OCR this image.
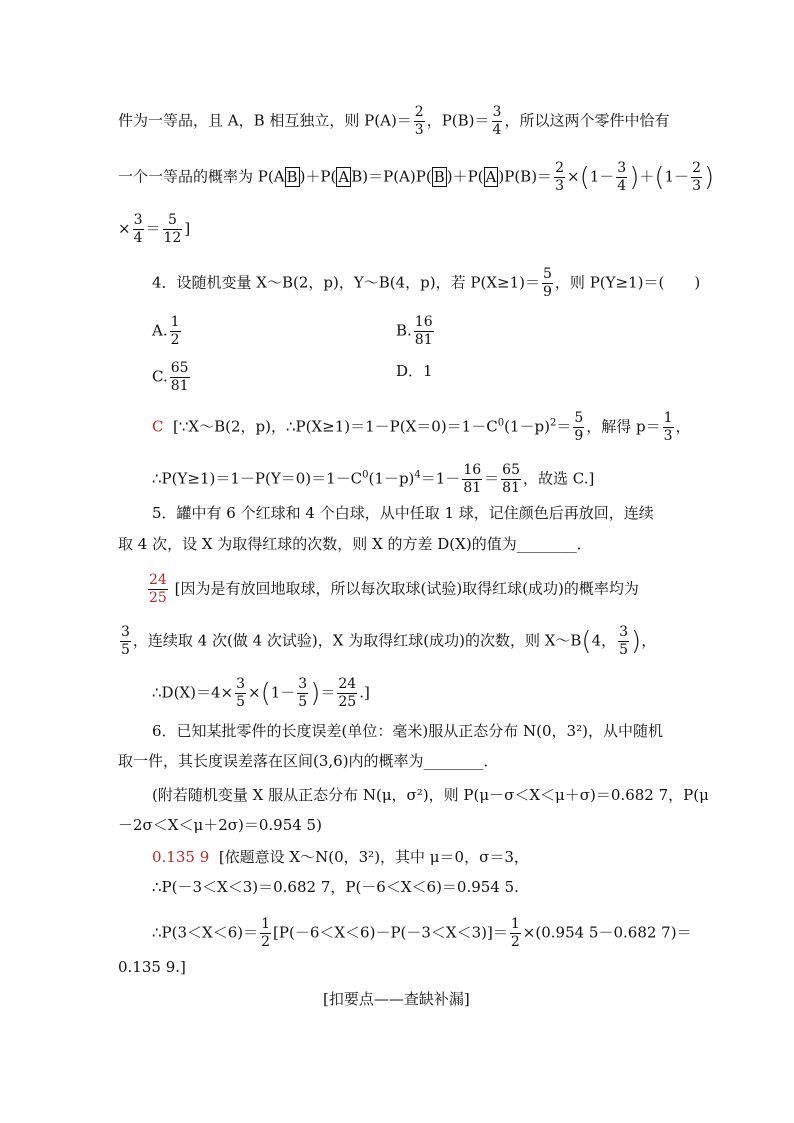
件为一等品，且 A，B 相互独立，则 $P(A)= \frac{2}{3}$ ，$P(B)= \frac{3}{4}$ ，所以这两个零件中恰有
一个一等品的概率为 P(A B )＋P( A B)＝P(A)P( B )＋P( A )$P(B)= \frac{2}{3} \times(1- \frac{3}{4} )+(1- \frac{2}{3}$ )
× $\frac{3}{4} = \frac{5}{12}$ ]
4．设随机变量 X～B(2，p)，Y～B(4，p)，若 $P(X\ge 1)= \frac{5}{9}$ ，则 P(Y≥1)＝(　　)
A. $\frac{1}{2}$	B. $\frac{16}{81}$
C. $\frac{65}{81}$	D．1
C [∵X～B(2，p)，$\therefore P(X\ge 1)=1-P(X=0)=1-C^0(1-p)^2= \frac{5}{9}$ ，解得 $p= \frac{1}{3}$ ，
$\therefore P(Y\ge 1)=1-P(Y=0)=1-C^0(1-p)^4=1- \frac{16}{81} = \frac{65}{81}$ ，故选 C.]
5．罐中有 6 个红球和 4 个白球，从中任取 1 球，记住颜色后再放回，连续
取 4 次，设 X 为取得红球的次数，则 X 的方差 D(X)的值为________．
$\frac{24}{25}$ [因为是有放回地取球，所以每次取球(试验)取得红球(成功)的概率均为
$\frac{3}{5}$ ，连续取 4 次(做 4 次试验)，X 为取得红球(成功)的次数，则 X～B(4， $\frac{3}{5}$ )，
∴D(X)＝4× $\frac{3}{5} \times(1- \frac{3}{5}$ )＝ $\frac{24}{25}$ .]
6．已知某批零件的长度误差(单位：毫米)服从正态分布 N(0，3²)，从中随机
取一件，其长度误差落在区间(3,6)内的概率为________．
(附若随机变量 X 服从正态分布 N(μ，σ²)，则 P(μ－σ＜X＜μ＋σ)＝0.682 7，P(μ
－2σ＜X＜μ＋2σ)＝0.954 5)
0.135 9 [依题意设 X～N(0，3²)，其中 μ＝0，σ＝3，
∴P(－3＜X＜3)＝0.682 7，P(－6＜X＜6)＝0.954 5.
∴P(3＜X＜6)＝ $\frac{1}{2} [P(-6<X<6)-P(-3<X<3)]= \frac{1}{2} \times(0.954$ 5－0.682 7)＝
0.135 9.]
[扣要点——查缺补漏]
